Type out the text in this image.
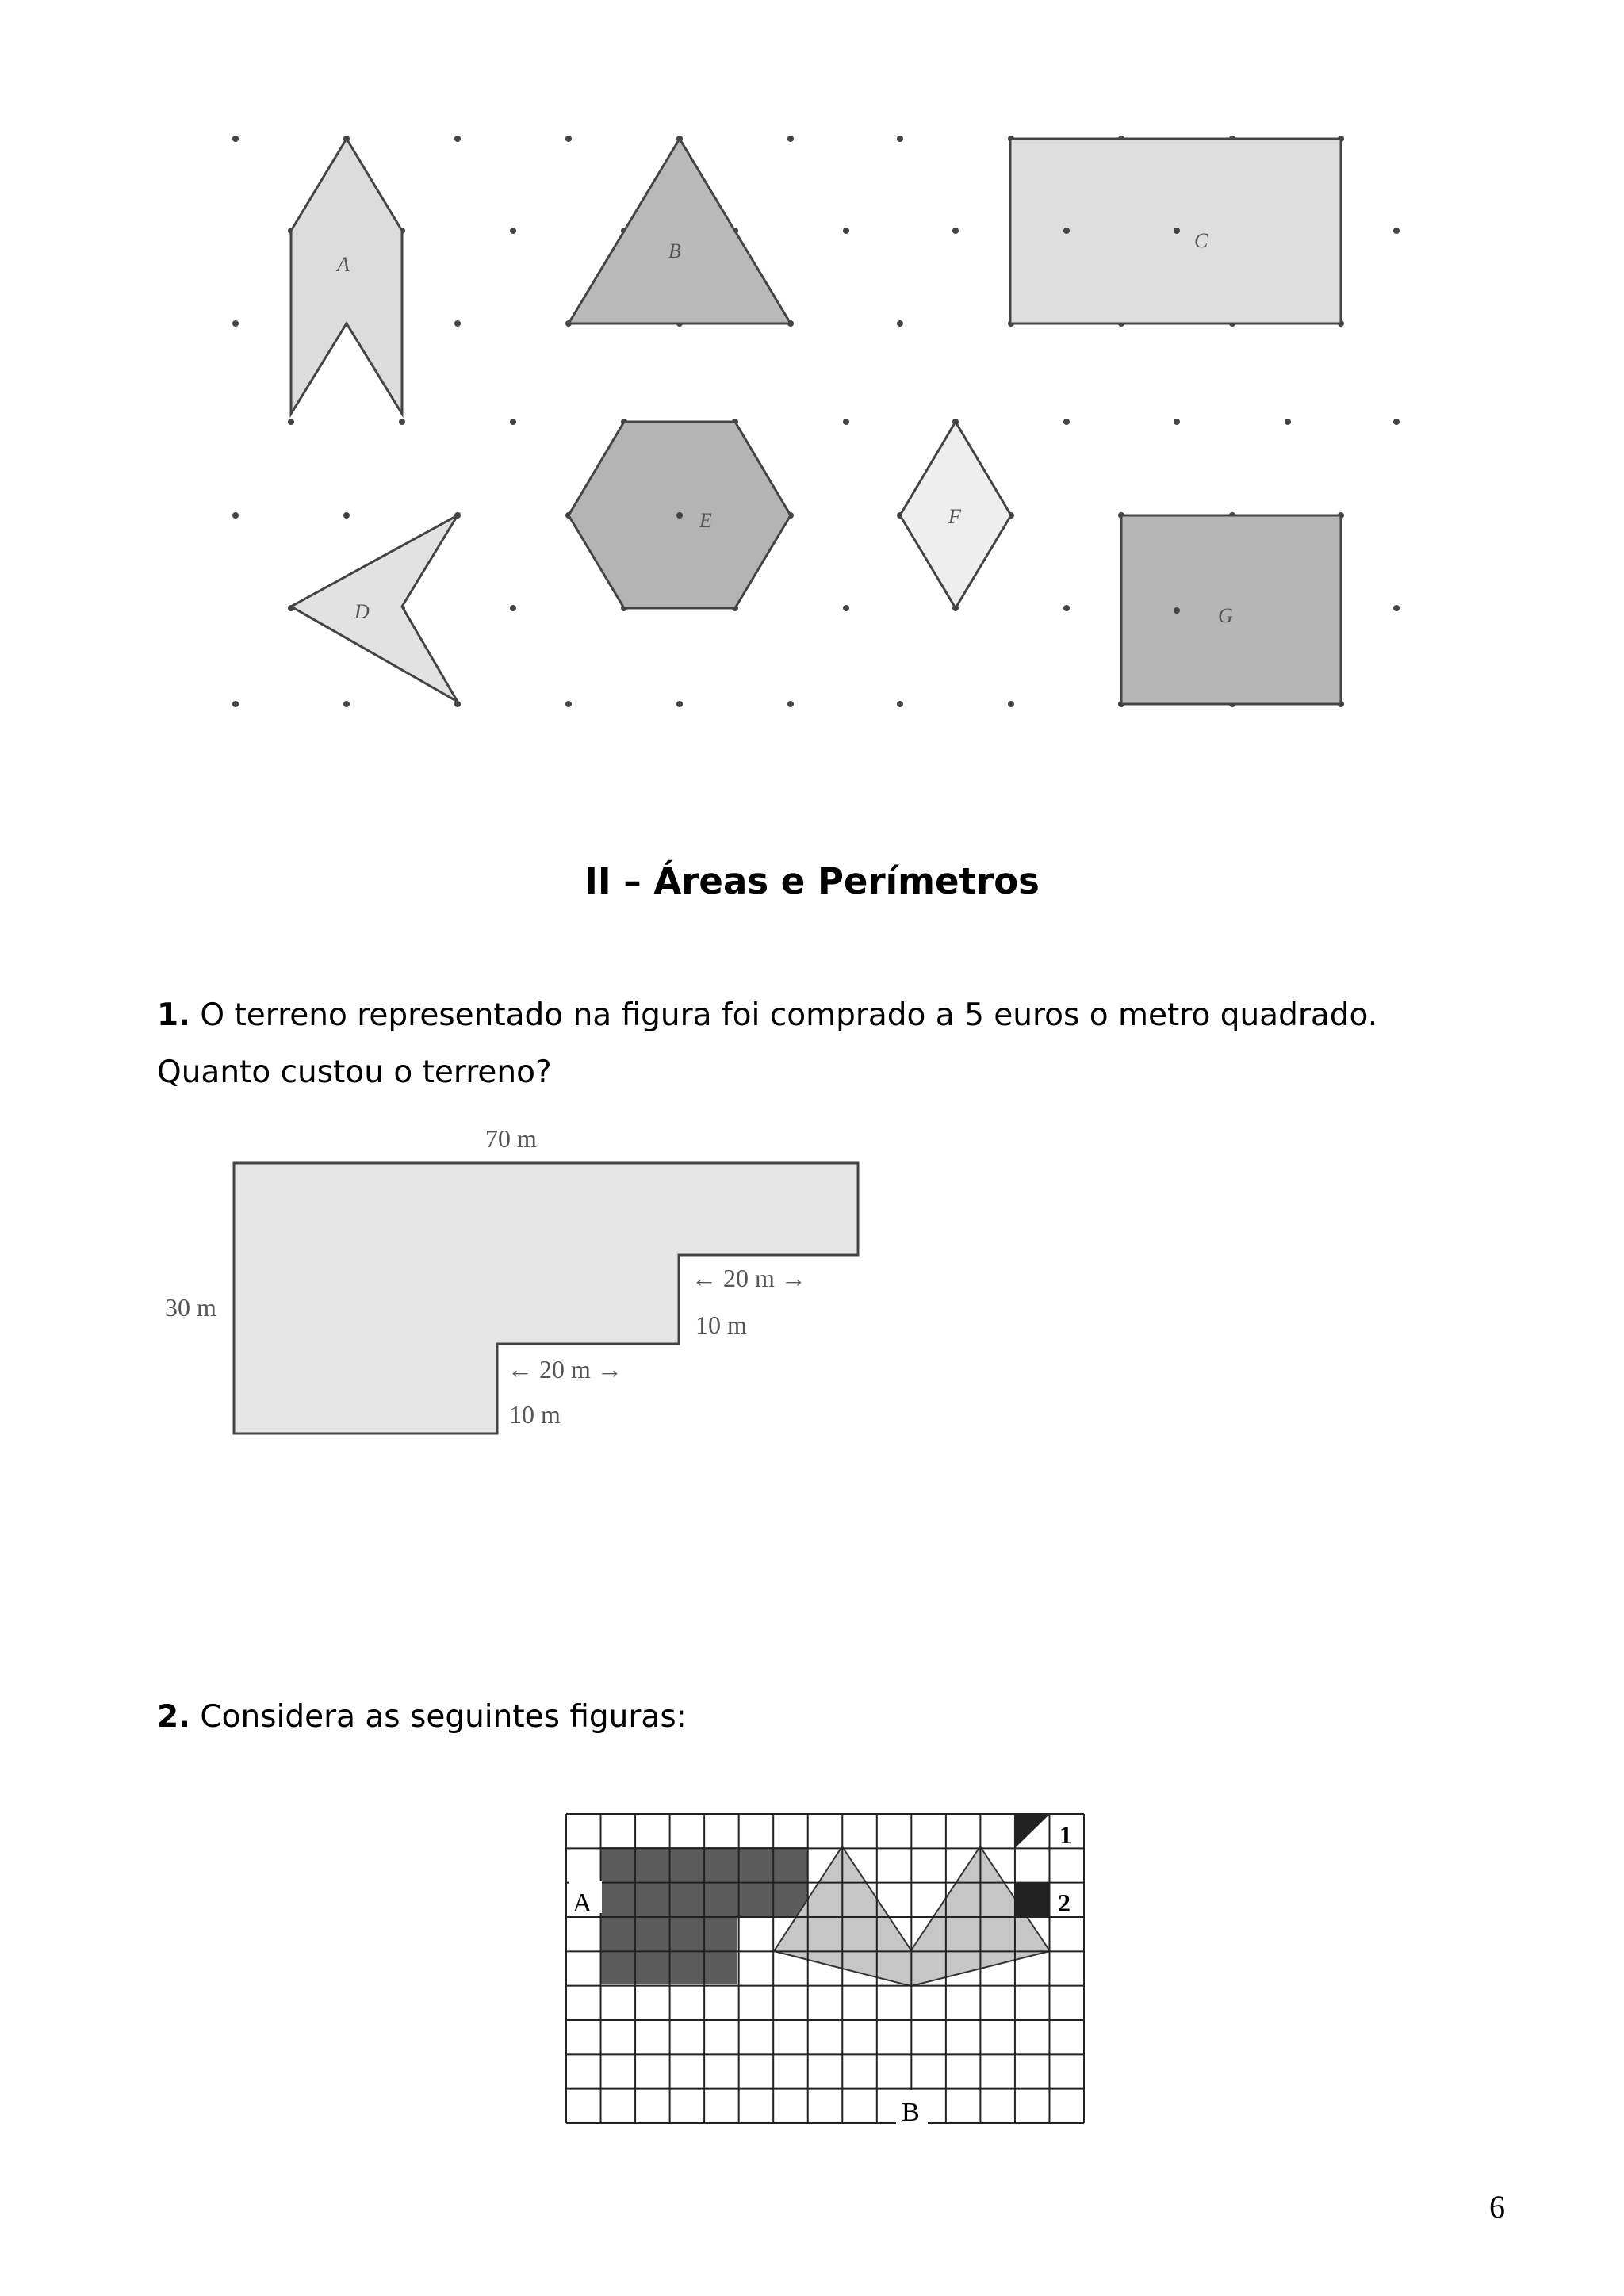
A
B	C
D
E	F
G
II – Áreas e Perímetros
1. O terreno representado na figura foi comprado a 5 euros o metro quadrado.
Quanto custou o terreno?
70 m
30 m
← 20 m →
10 m
← 20 m →
10 m
2. Considera as seguintes figuras:
A
B
1
2
6
